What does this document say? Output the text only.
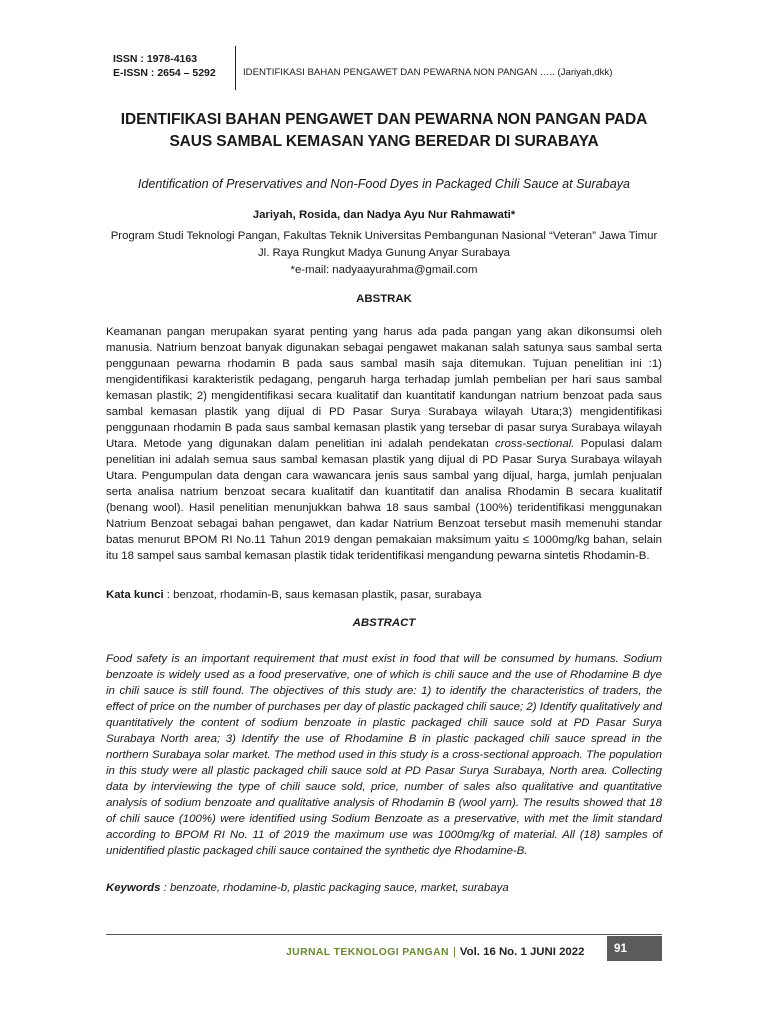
ISSN : 1978-4163
E-ISSN : 2654 – 5292	IDENTIFIKASI BAHAN PENGAWET DAN PEWARNA NON PANGAN ….. (Jariyah,dkk)
IDENTIFIKASI BAHAN PENGAWET DAN PEWARNA NON PANGAN PADA SAUS SAMBAL KEMASAN YANG BEREDAR DI SURABAYA
Identification of Preservatives and Non-Food Dyes in Packaged Chili Sauce at Surabaya
Jariyah, Rosida, dan Nadya Ayu Nur Rahmawati*
Program Studi Teknologi Pangan, Fakultas Teknik Universitas Pembangunan Nasional “Veteran” Jawa Timur
Jl. Raya Rungkut Madya Gunung Anyar Surabaya
*e-mail: nadyaayurahma@gmail.com
ABSTRAK

Keamanan pangan merupakan syarat penting yang harus ada pada pangan yang akan dikonsumsi oleh manusia. Natrium benzoat banyak digunakan sebagai pengawet makanan salah satunya saus sambal serta penggunaan pewarna rhodamin B pada saus sambal masih saja ditemukan. Tujuan penelitian ini :1) mengidentifikasi karakteristik pedagang, pengaruh harga terhadap jumlah pembelian per hari saus sambal kemasan plastik; 2) mengidentifikasi secara kualitatif dan kuantitatif kandungan natrium benzoat pada saus sambal kemasan plastik yang dijual di PD Pasar Surya Surabaya wilayah Utara;3) mengidentifikasi penggunaan rhodamin B pada saus sambal kemasan plastik yang tersebar di pasar surya Surabaya wilayah Utara. Metode yang digunakan dalam penelitian ini adalah pendekatan cross-sectional. Populasi dalam penelitian ini adalah semua saus sambal kemasan plastik yang dijual di PD Pasar Surya Surabaya wilayah Utara. Pengumpulan data dengan cara wawancara jenis saus sambal yang dijual, harga, jumlah penjualan serta analisa natrium benzoat secara kualitatif dan kuantitatif dan analisa Rhodamin B secara kualitatif (benang wool). Hasil penelitian menunjukkan bahwa 18 saus sambal (100%) teridentifikasi menggunakan Natrium Benzoat sebagai bahan pengawet, dan kadar Natrium Benzoat tersebut masih memenuhi standar batas menurut BPOM RI No.11 Tahun 2019 dengan pemakaian maksimum yaitu ≤ 1000mg/kg bahan, selain itu 18 sampel saus sambal kemasan plastik tidak teridentifikasi mengandung pewarna sintetis Rhodamin-B.

Kata kunci : benzoat, rhodamin-B, saus kemasan plastik, pasar, surabaya
ABSTRACT

Food safety is an important requirement that must exist in food that will be consumed by humans. Sodium benzoate is widely used as a food preservative, one of which is chili sauce and the use of Rhodamine B dye in chili sauce is still found. The objectives of this study are: 1) to identify the characteristics of traders, the effect of price on the number of purchases per day of plastic packaged chili sauce; 2) Identify qualitatively and quantitatively the content of sodium benzoate in plastic packaged chili sauce sold at PD Pasar Surya Surabaya North area; 3) Identify the use of Rhodamine B in plastic packaged chili sauce spread in the northern Surabaya solar market. The method used in this study is a cross-sectional approach. The population in this study were all plastic packaged chili sauce sold at PD Pasar Surya Surabaya, North area. Collecting data by interviewing the type of chili sauce sold, price, number of sales also qualitative and quantitative analysis of sodium benzoate and qualitative analysis of Rhodamin B (wool yarn). The results showed that 18 of chili sauce (100%) were identified using Sodium Benzoate as a preservative, with met the limit standard according to BPOM RI No. 11 of 2019 the maximum use was 1000mg/kg of material. All (18) samples of unidentified plastic packaged chili sauce contained the synthetic dye Rhodamine-B.

Keywords : benzoate, rhodamine-b, plastic packaging sauce, market, surabaya
JURNAL TEKNOLOGI PANGAN | Vol. 16 No. 1 JUNI 2022	91
